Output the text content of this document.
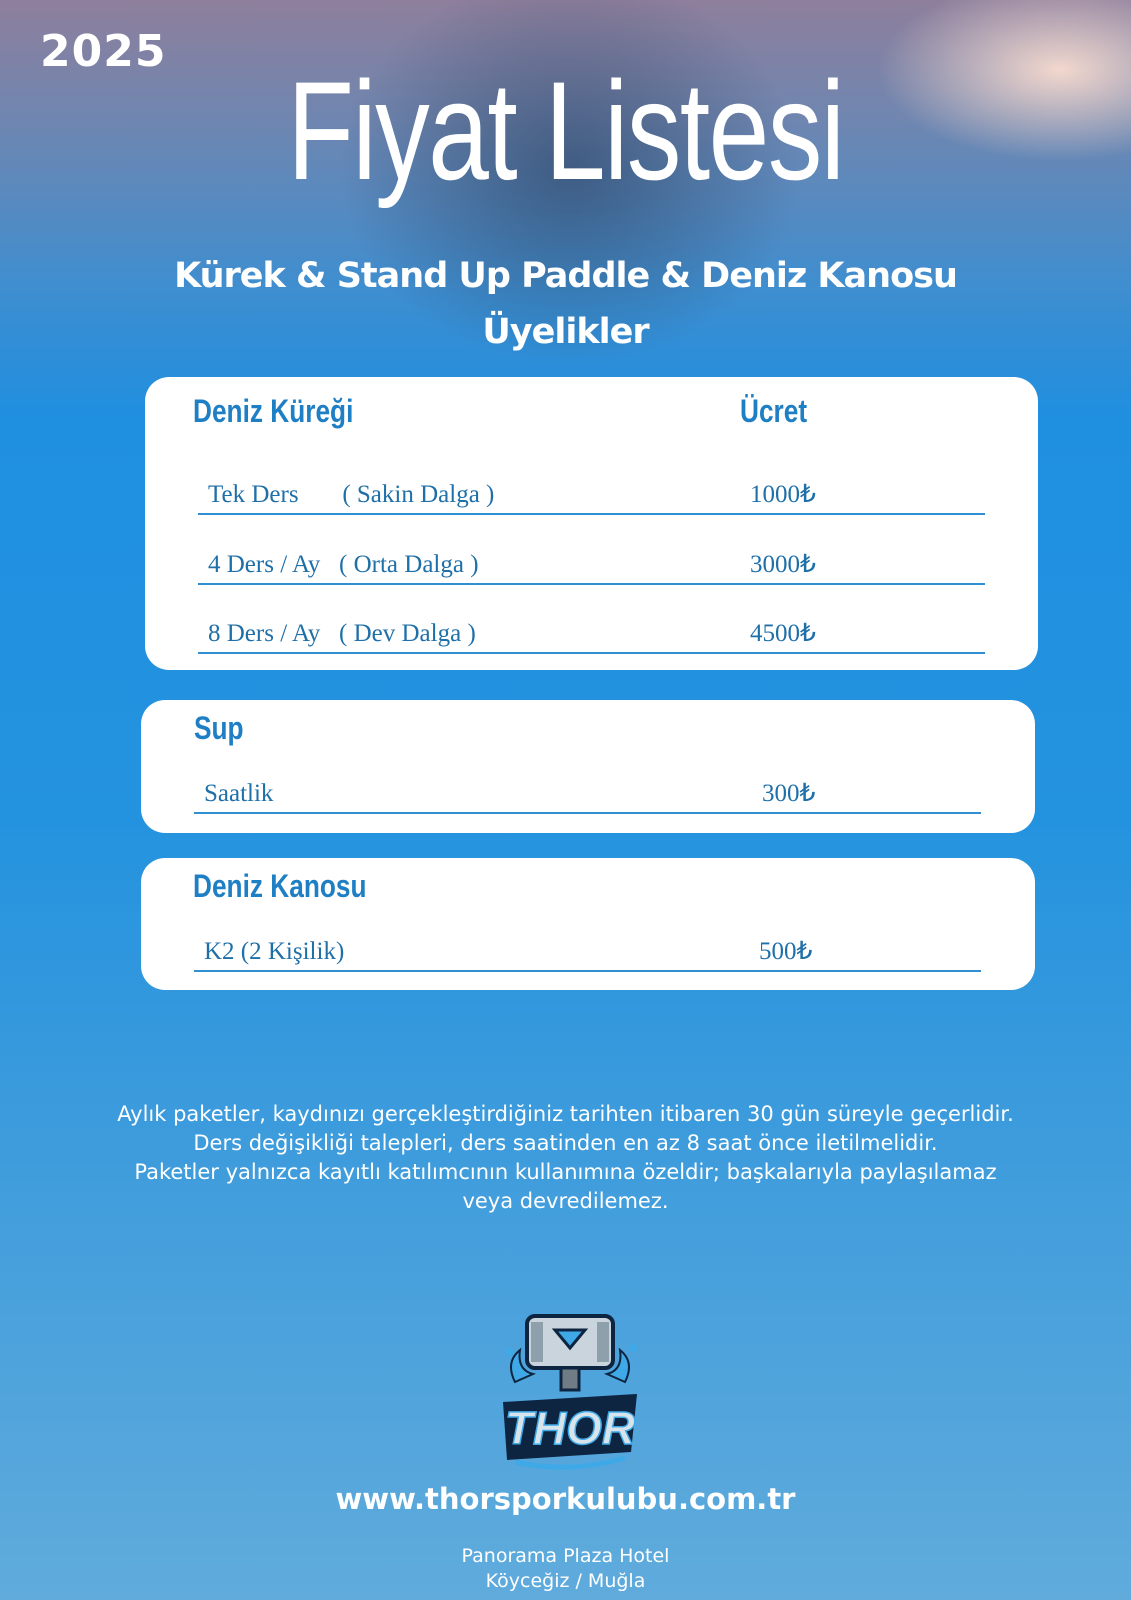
2025
Fiyat Listesi
Kürek & Stand Up Paddle & Deniz Kanosu
Üyelikler
Deniz Küreği	Ücret
Tek Ders       ( Sakin Dalga )	1000₺
4 Ders / Ay   ( Orta Dalga )	3000₺
8 Ders / Ay   ( Dev Dalga )	4500₺
Sup
Saatlik	300₺
Deniz Kanosu
K2 (2 Kişilik)	500₺
Aylık paketler, kaydınızı gerçekleştirdiğiniz tarihten itibaren 30 gün süreyle geçerlidir.
Ders değişikliği talepleri, ders saatinden en az 8 saat önce iletilmelidir.
Paketler yalnızca kayıtlı katılımcının kullanımına özeldir; başkalarıyla paylaşılamaz
veya devredilemez.
THOR
www.thorsporkulubu.com.tr
Panorama Plaza Hotel
Köyceğiz / Muğla
